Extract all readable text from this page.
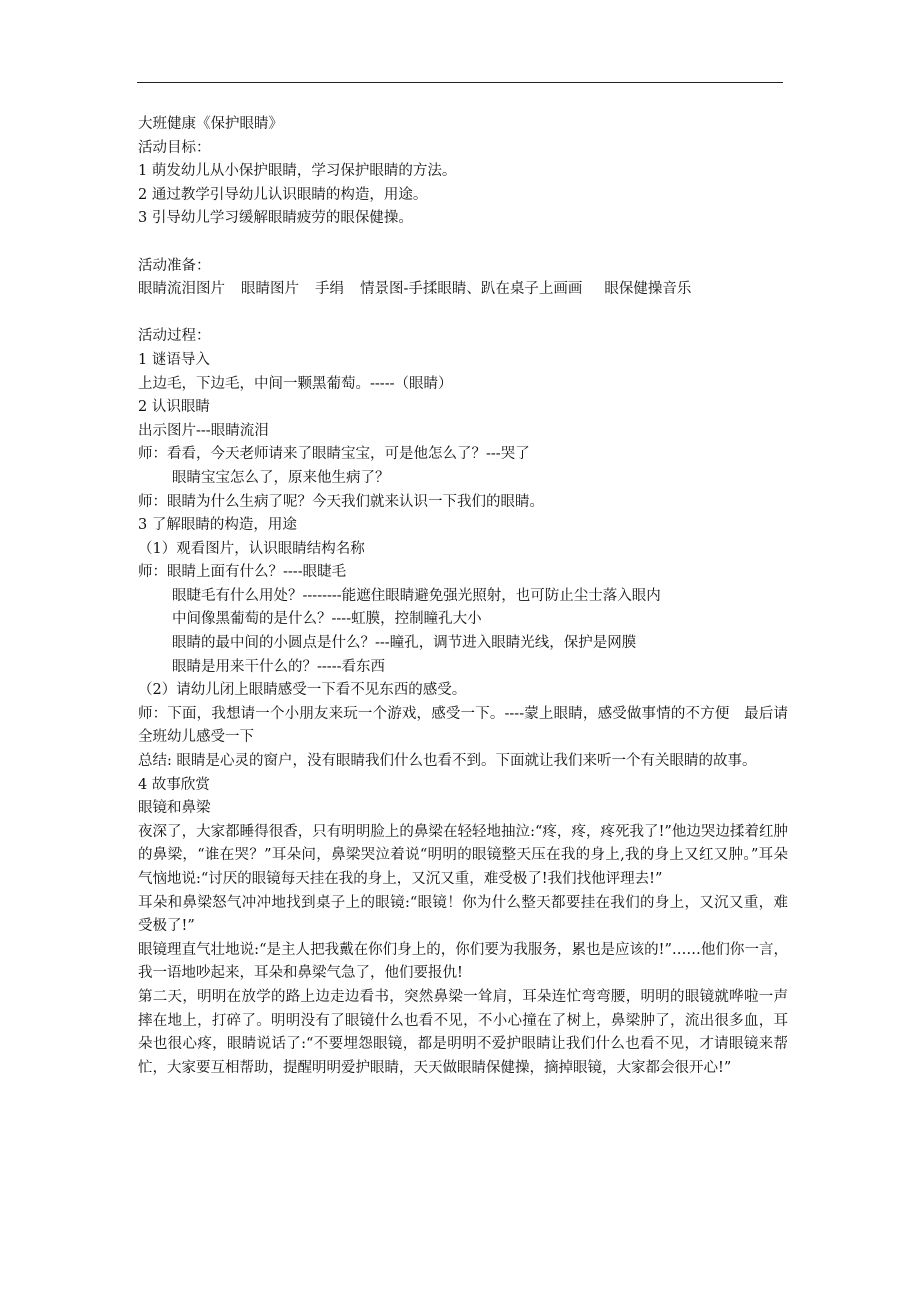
大班健康《保护眼睛》
活动目标：
1 萌发幼儿从小保护眼睛，学习保护眼睛的方法。
2 通过教学引导幼儿认识眼睛的构造，用途。
3 引导幼儿学习缓解眼睛疲劳的眼保健操。
活动准备：
眼睛流泪图片 眼睛图片 手绢 情景图-手揉眼睛、趴在桌子上画画 眼保健操音乐
活动过程：
1 谜语导入
上边毛，下边毛，中间一颗黑葡萄。-----（眼睛）
2 认识眼睛
出示图片---眼睛流泪
师：看看，今天老师请来了眼睛宝宝，可是他怎么了？---哭了
眼睛宝宝怎么了，原来他生病了？
师：眼睛为什么生病了呢？今天我们就来认识一下我们的眼睛。
3 了解眼睛的构造，用途
（1）观看图片，认识眼睛结构名称
师：眼睛上面有什么？----眼睫毛
眼睫毛有什么用处？--------能遮住眼睛避免强光照射，也可防止尘士落入眼内
中间像黑葡萄的是什么？----虹膜，控制瞳孔大小
眼睛的最中间的小圆点是什么？---瞳孔，调节进入眼睛光线，保护是网膜
眼睛是用来干什么的？-----看东西
（2）请幼儿闭上眼睛感受一下看不见东西的感受。
师：下面，我想请一个小朋友来玩一个游戏，感受一下。----蒙上眼睛，感受做事情的不方便　最后请全班幼儿感受一下
总结: 眼睛是心灵的窗户，没有眼睛我们什么也看不到。下面就让我们来听一个有关眼睛的故事。
4 故事欣赏
眼镜和鼻梁
夜深了，大家都睡得很香，只有明明脸上的鼻梁在轻轻地抽泣:“疼，疼，疼死我了!”他边哭边揉着红肿的鼻梁，“谁在哭？”耳朵问，鼻梁哭泣着说“明明的眼镜整天压在我的身上,我的身上又红又肿。”耳朵气恼地说:“讨厌的眼镜每天挂在我的身上，又沉又重，难受极了!我们找他评理去!”
耳朵和鼻梁怒气冲冲地找到桌子上的眼镜:“眼镜！你为什么整天都要挂在我们的身上，又沉又重，难受极了!”
眼镜理直气壮地说:“是主人把我戴在你们身上的，你们要为我服务，累也是应该的!”……他们你一言，我一语地吵起来，耳朵和鼻梁气急了，他们要报仇!
第二天，明明在放学的路上边走边看书，突然鼻梁一耸肩，耳朵连忙弯弯腰，明明的眼镜就哗啦一声摔在地上，打碎了。明明没有了眼镜什么也看不见，不小心撞在了树上，鼻梁肿了，流出很多血，耳朵也很心疼，眼睛说话了:“不要埋怨眼镜，都是明明不爱护眼睛让我们什么也看不见，才请眼镜来帮忙，大家要互相帮助，提醒明明爱护眼睛，天天做眼睛保健操，摘掉眼镜，大家都会很开心!”
